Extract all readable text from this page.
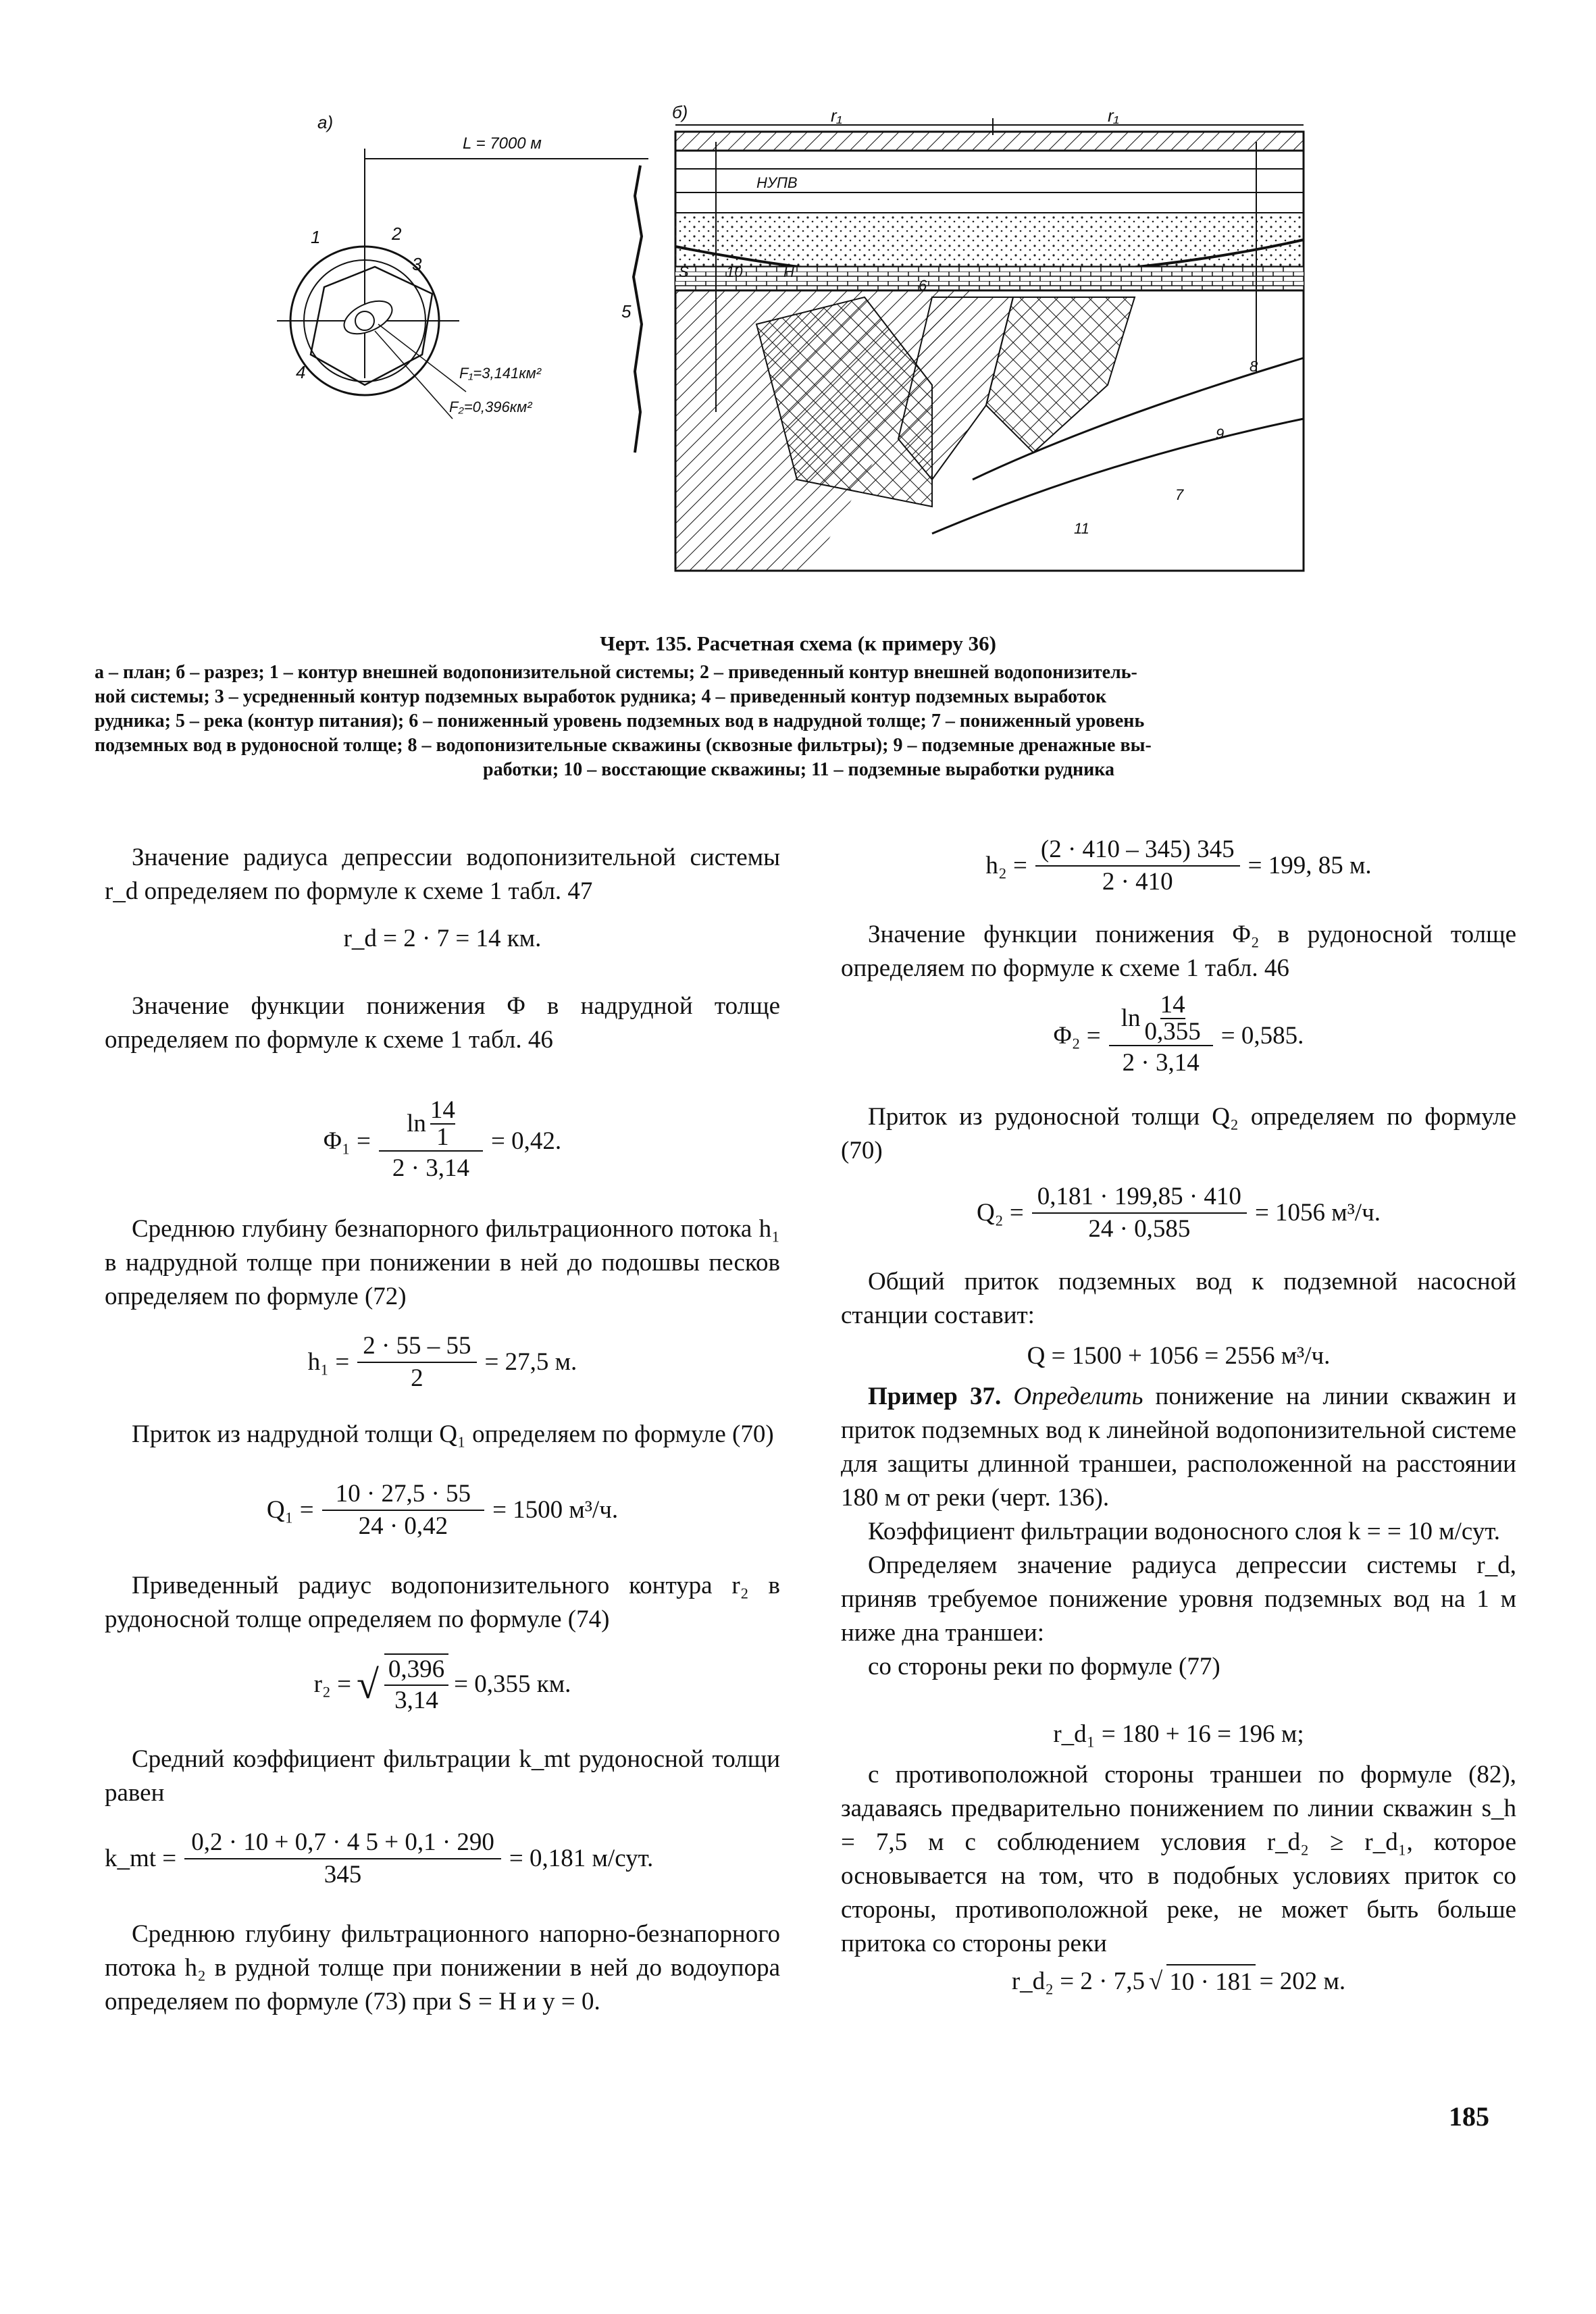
а)
L = 7000 м
1	2
3
4
5
F₁=3,141км²
F₂=0,396км²
б)	r₁	r₁
НУПВ
S	10	H
6
8
9
7
11
Черт. 135. Расчетная схема (к примеру 36)
а – план; б – разрез; 1 – контур внешней водопонизительной системы; 2 – приведенный контур внешней водопонизитель-
ной системы; 3 – усредненный контур подземных выработок рудника; 4 – приведенный контур подземных выработок
рудника; 5 – река (контур питания); 6 – пониженный уровень подземных вод в надрудной толще; 7 – пониженный уровень
подземных вод в рудоносной толще; 8 – водопонизительные скважины (сквозные фильтры); 9 – подземные дренажные вы-
работки; 10 – восстающие скважины; 11 – подземные выработки рудника

Значение радиуса депрессии водопонизительной системы r_d определяем по формуле к схеме 1 табл. 47

r_d = 2 · 7 = 14 км.

Значение функции понижения Φ в надрудной толще определяем по формуле к схеме 1 табл. 46

Φ₁ = ln 14
1
2 · 3,14 = 0,42.

Среднюю глубину безнапорного фильтрационного потока h₁ в надрудной толще при понижении в ней до подошвы песков определяем по формуле (72)

$h_1 = \frac{2 \cdot 55 - 55}{2} = 27,5$ м.

Приток из надрудной толщи Q₁ определяем по формуле (70)

$Q_1 = \frac{10 \cdot 27,5 \cdot 55}{24 \cdot 0,42} = 1500$ м³/ч.

Приведенный радиус водопонизительного контура r₂ в рудоносной толще определяем по формуле (74)

r₂ = √ $\frac{0,396}{3,14} = 0,355$ км.

Средний коэффициент фильтрации k_mt рудоносной толщи равен

k_mt = $\frac{0,2 \cdot 10 + 0,7 \cdot 4 5 + 0,1 \cdot 290}{345} = 0,181$ м/сут.

Среднюю глубину фильтрационного напорно-безнапорного потока h₂ в рудной толще при понижении в ней до водоупора определяем по формуле (73) при S = H и y = 0.

$h_2 = \frac{(2 \cdot 410 - 345) 345}{2 \cdot 410} = 199$, 85 м.

Значение функции понижения Φ₂ в рудоносной толще определяем по формуле к схеме 1 табл. 46

Φ₂ = ln 14
0,355
2 · 3,14 = 0,585.

Приток из рудоносной толщи Q₂ определяем по формуле (70)

$Q_2 = \frac{0,181 \cdot 199,85 \cdot 410}{24 \cdot 0,585} = 1056$ м³/ч.

Общий приток подземных вод к подземной насосной станции составит:

Q = 1500 + 1056 = 2556 м³/ч.

Пример 37. Определить понижение на линии скважин и приток подземных вод к линейной водопонизительной системе для защиты длинной траншеи, расположенной на расстоянии 180 м от реки (черт. 136).

Коэффициент фильтрации водоносного слоя k = = 10 м/сут.

Определяем значение радиуса депрессии системы r_d, приняв требуемое понижение уровня подземных вод на 1 м ниже дна траншеи:

со стороны реки по формуле (77)

r_d₁ = 180 + 16 = 196 м;

с противоположной стороны траншеи по формуле (82), задаваясь предварительно понижением по линии скважин s_h = 7,5 м с соблюдением условия r_d₂ ≥ r_d₁, которое основывается на том, что в подобных условиях приток со стороны, противоположной реке, не может быть больше притока со стороны реки

r_d₂ = 2 · 7,5 √ 10 · 181 = 202 м.
185
